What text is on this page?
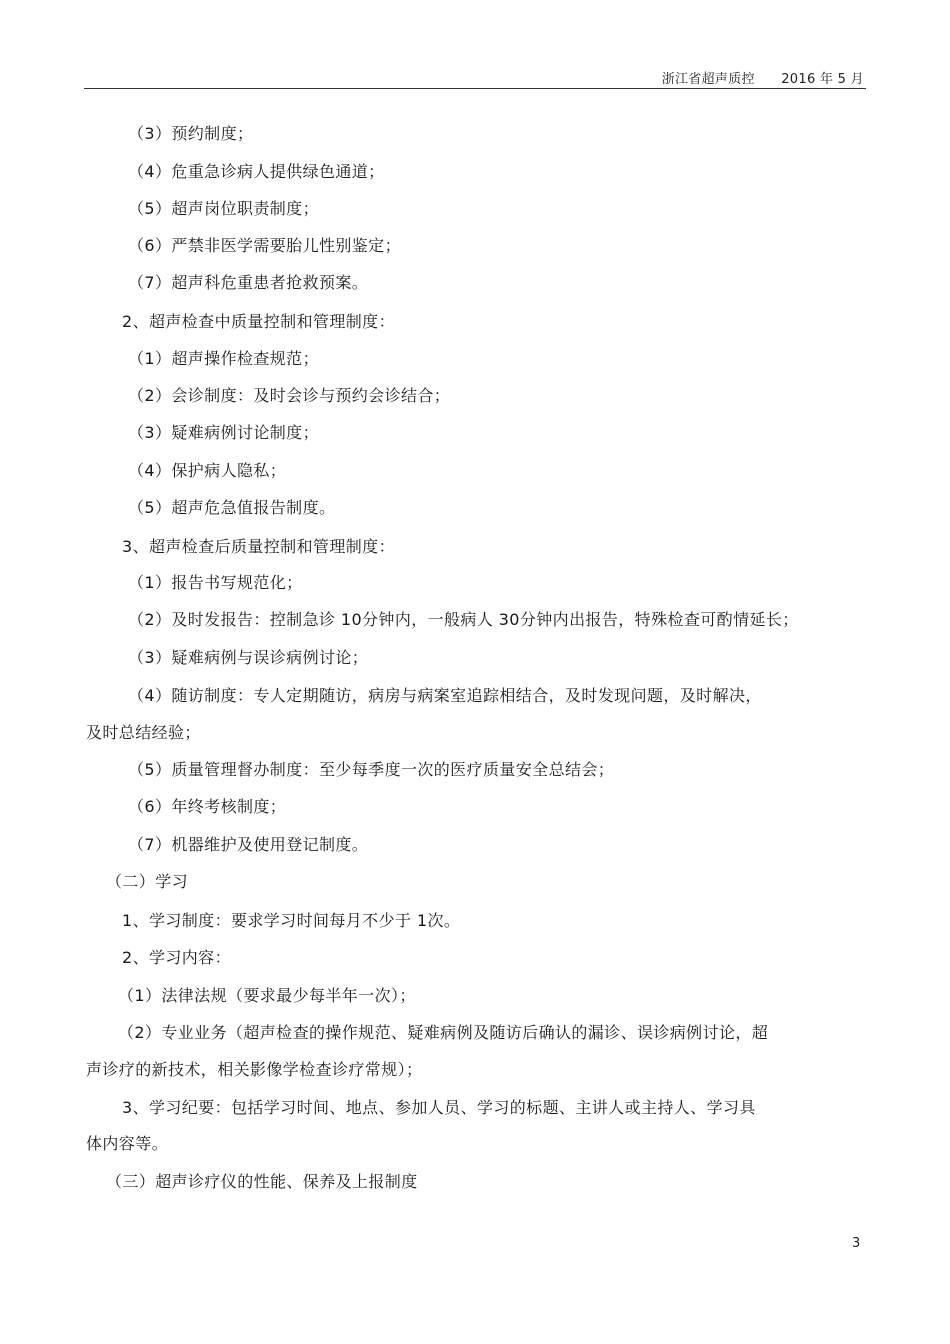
浙江省超声质控 2016 年 5 月
（3）预约制度；
（4）危重急诊病人提供绿色通道；
（5）超声岗位职责制度；
（6）严禁非医学需要胎儿性别鉴定；
（7）超声科危重患者抢救预案。
2、超声检查中质量控制和管理制度：
（1）超声操作检查规范；
（2）会诊制度：及时会诊与预约会诊结合；
（3）疑难病例讨论制度；
（4）保护病人隐私；
（5）超声危急值报告制度。
3、超声检查后质量控制和管理制度：
（1）报告书写规范化；
（2）及时发报告：控制急诊 10分钟内，一般病人 30分钟内出报告，特殊检查可酌情延长；
（3）疑难病例与误诊病例讨论；
（4）随访制度：专人定期随访，病房与病案室追踪相结合，及时发现问题，及时解决，
及时总结经验；
（5）质量管理督办制度：至少每季度一次的医疗质量安全总结会；
（6）年终考核制度；
（7）机器维护及使用登记制度。
（二）学习
1、学习制度：要求学习时间每月不少于 1次。
2、学习内容：
（1）法律法规（要求最少每半年一次）；
（2）专业业务（超声检查的操作规范、疑难病例及随访后确认的漏诊、误诊病例讨论，超
声诊疗的新技术，相关影像学检查诊疗常规）；
3、学习纪要：包括学习时间、地点、参加人员、学习的标题、主讲人或主持人、学习具
体内容等。
（三）超声诊疗仪的性能、保养及上报制度
3
